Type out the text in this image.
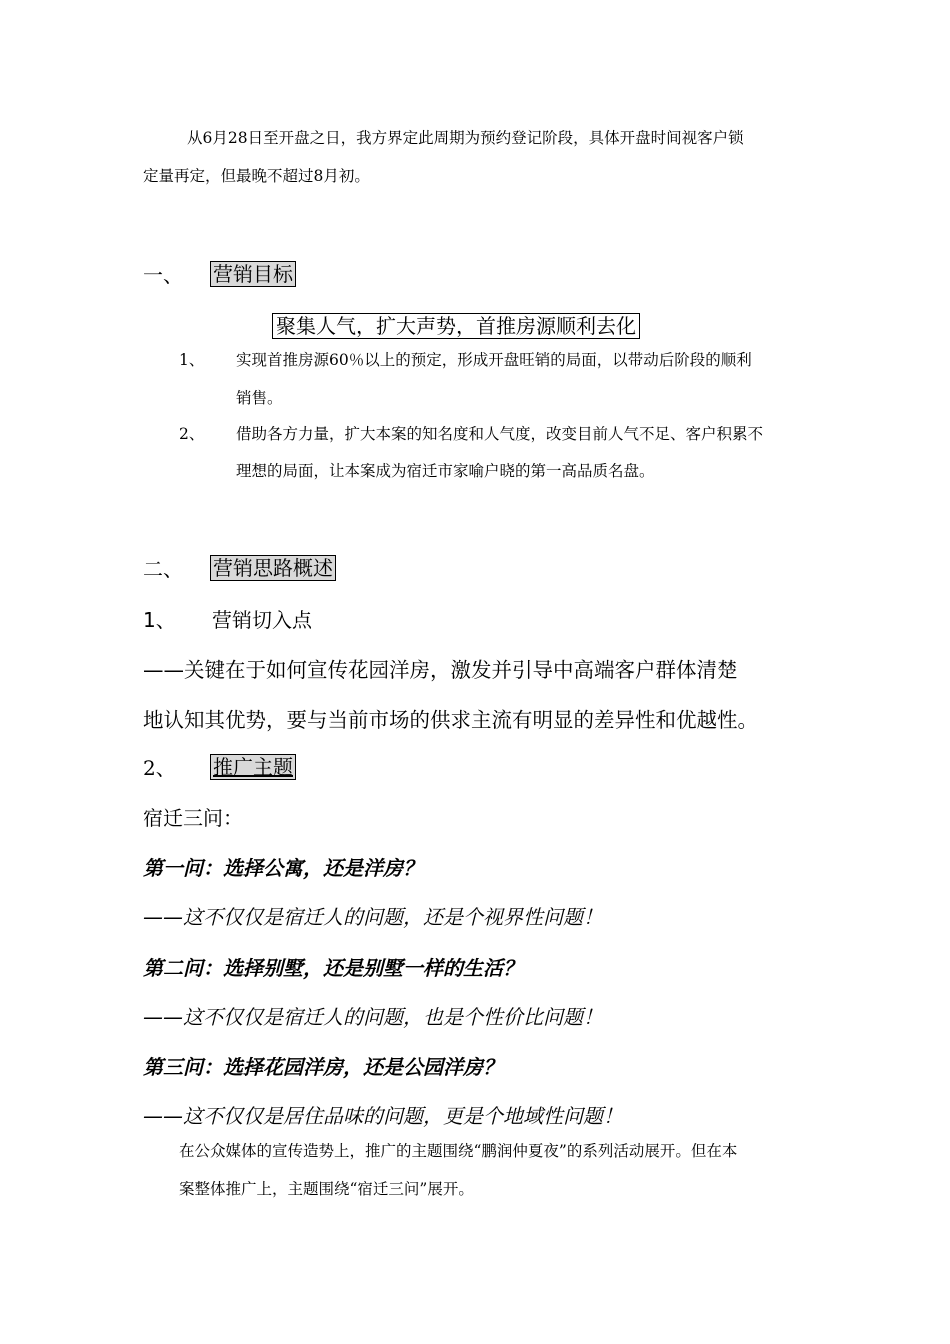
从6月28日至开盘之日，我方界定此周期为预约登记阶段，具体开盘时间视客户锁
定量再定，但最晚不超过8月初。
一、 营销目标
聚集人气，扩大声势，首推房源顺利去化
1、 实现首推房源60％以上的预定，形成开盘旺销的局面，以带动后阶段的顺利
销售。
2、 借助各方力量，扩大本案的知名度和人气度，改变目前人气不足、客户积累不
理想的局面，让本案成为宿迁市家喻户晓的第一高品质名盘。
二、 营销思路概述
1、 营销切入点
——关键在于如何宣传花园洋房，激发并引导中高端客户群体清楚
地认知其优势，要与当前市场的供求主流有明显的差异性和优越性。
2、 推广主题
宿迁三问：
第一问：选择公寓，还是洋房？
——这不仅仅是宿迁人的问题，还是个视界性问题！
第二问：选择别墅，还是别墅一样的生活？
——这不仅仅是宿迁人的问题，也是个性价比问题！
第三问：选择花园洋房，还是公园洋房？
——这不仅仅是居住品味的问题，更是个地域性问题！
在公众媒体的宣传造势上，推广的主题围绕“鹏润仲夏夜”的系列活动展开。但在本
案整体推广上，主题围绕“宿迁三问”展开。
